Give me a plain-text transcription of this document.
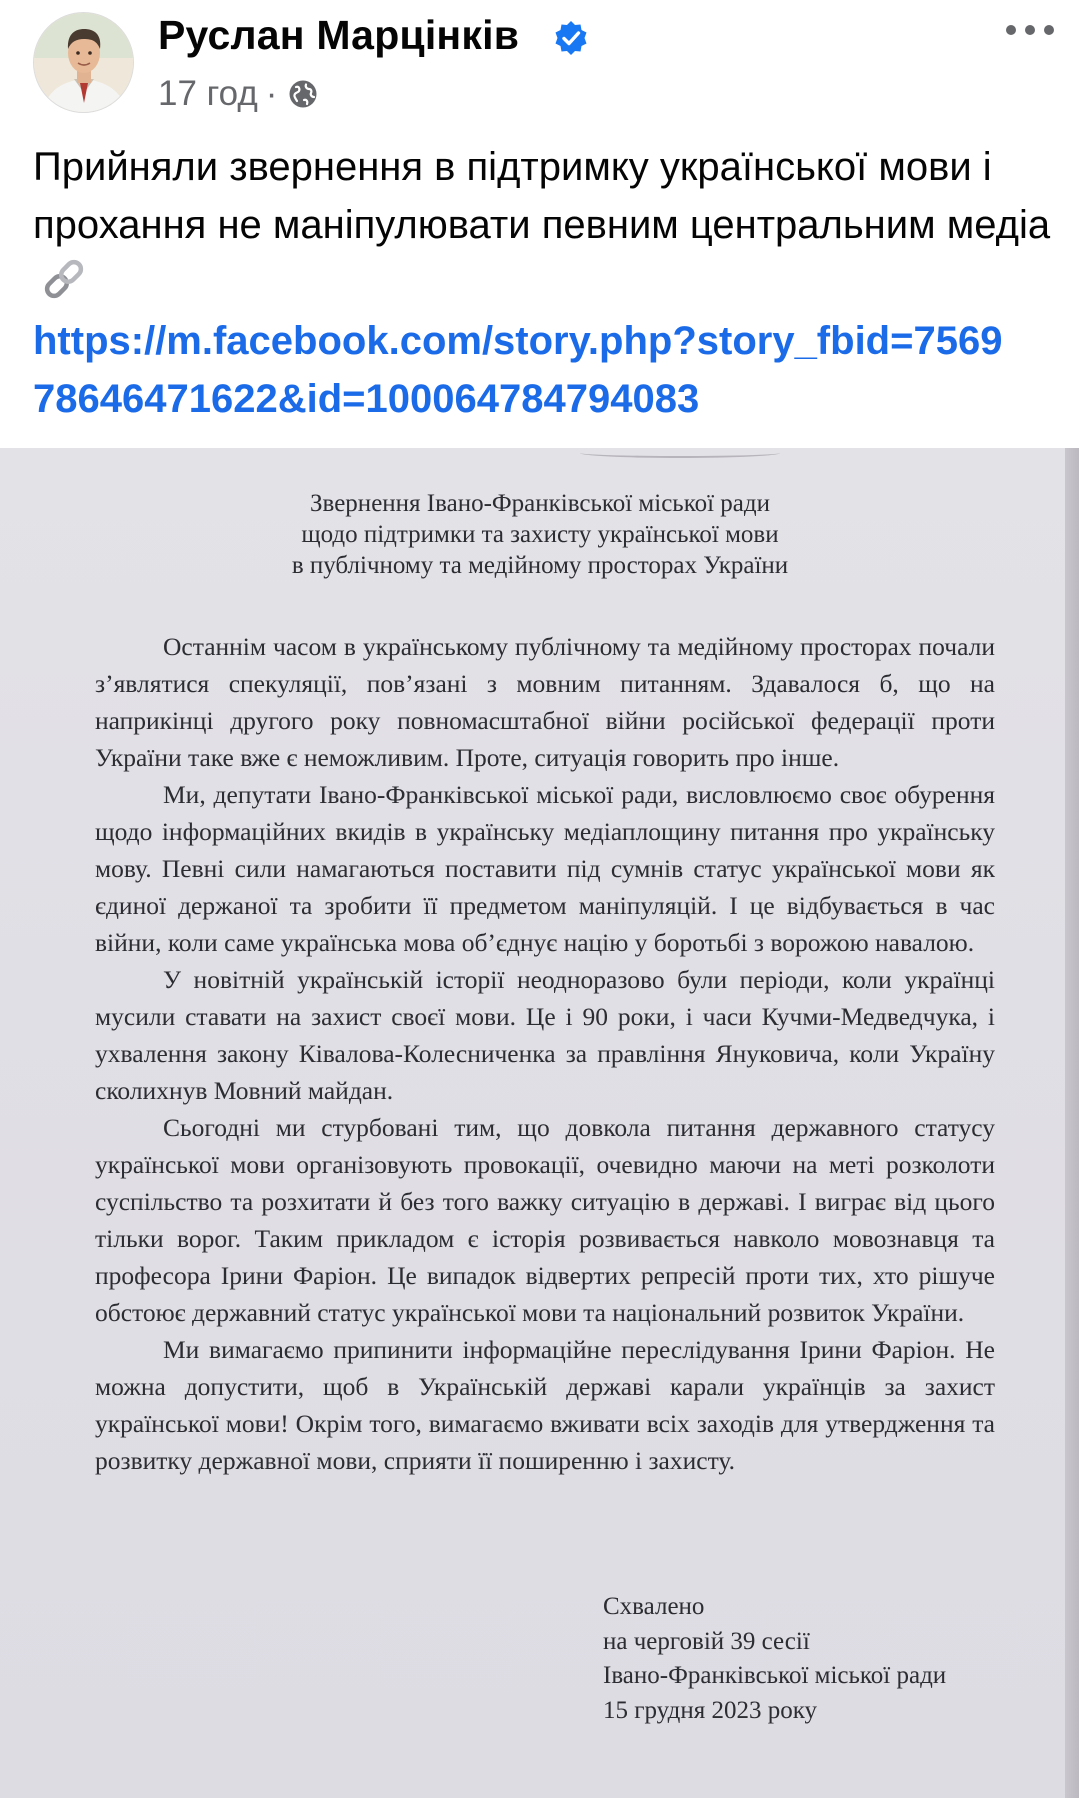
Руслан Марцінків
17 год ·
Прийняли звернення в підтримку української мови і прохання не маніпулювати певним центральним медіа
https://m.facebook.com/story.php?story_fbid=756978646471622&id=100064784794083
Звернення Івано-Франківської міської ради
щодо підтримки та захисту української мови
в публічному та медійному просторах України

Останнім часом в українському публічному та медійному просторах почали з’являтися спекуляції, пов’язані з мовним питанням. Здавалося б, що на наприкінці другого року повномасштабної війни російської федерації проти України таке вже є неможливим. Проте, ситуація говорить про інше.

Ми, депутати Івано-Франківської міської ради, висловлюємо своє обурення щодо інформаційних вкидів в українську медіаплощину питання про українську мову. Певні сили намагаються поставити під сумнів статус української мови як єдиної держаної та зробити її предметом маніпуляцій. І це відбувається в час війни, коли саме українська мова об’єднує націю у боротьбі з ворожою навалою.

У новітній українській історії неодноразово були періоди, коли українці мусили ставати на захист своєї мови. Це і 90 роки, і часи Кучми-Медведчука, і ухвалення закону Ківалова-Колесниченка за правління Януковича, коли Україну сколихнув Мовний майдан.

Сьогодні ми стурбовані тим, що довкола питання державного статусу української мови організовують провокації, очевидно маючи на меті розколоти суспільство та розхитати й без того важку ситуацію в державі. І виграє від цього тільки ворог. Таким прикладом є історія розвивається навколо мовознавця та професора Ірини Фаріон. Це випадок відвертих репресій проти тих, хто рішуче обстоює державний статус української мови та національний розвиток України.

Ми вимагаємо припинити інформаційне переслідування Ірини Фаріон. Не можна допустити, щоб в Українській державі карали українців за захист української мови! Окрім того, вимагаємо вживати всіх заходів для утвердження та розвитку державної мови, сприяти її поширенню і захисту.

Схвалено
на черговій 39 сесії
Івано-Франківської міської ради
15 грудня 2023 року
